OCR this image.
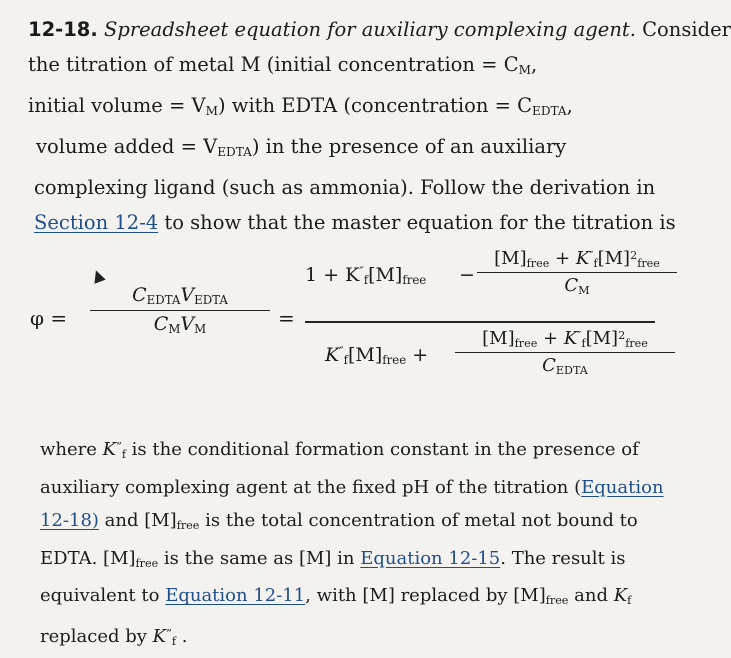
12-18. Spreadsheet equation for auxiliary complexing agent. Consider
the titration of metal M (initial concentration = $C_M$,
initial volume = $V_M$) with EDTA (concentration = $C_{EDTA}$,
volume added = $V_{EDTA}$) in the presence of an auxiliary
complexing ligand (such as ammonia). Follow the derivation in
Section 12-4 to show that the master equation for the titration is
φ =
$C_{EDTA}V_{EDTA}$
$C_MV_M$	=
$1 + K''_f[M]_{free}$ −
$[M]_{free} + K''_f[M]^2_{free}$
$C_M$
$K''_f[M]_{free}$ +
$[M]_{free} + K''_f[M]^2_{free}$
$C_{EDTA}$
where $K^”_f$ is the conditional formation constant in the presence of
auxiliary complexing agent at the fixed pH of the titration (Equation
12-18) and $[M]_{free}$ is the total concentration of metal not bound to
EDTA. $[M]_{free}$ is the same as [M] in Equation 12-15. The result is
equivalent to Equation 12-11, with [M] replaced by $[M]_{free}$ and $K_f$
replaced by $K^”_f$ .
